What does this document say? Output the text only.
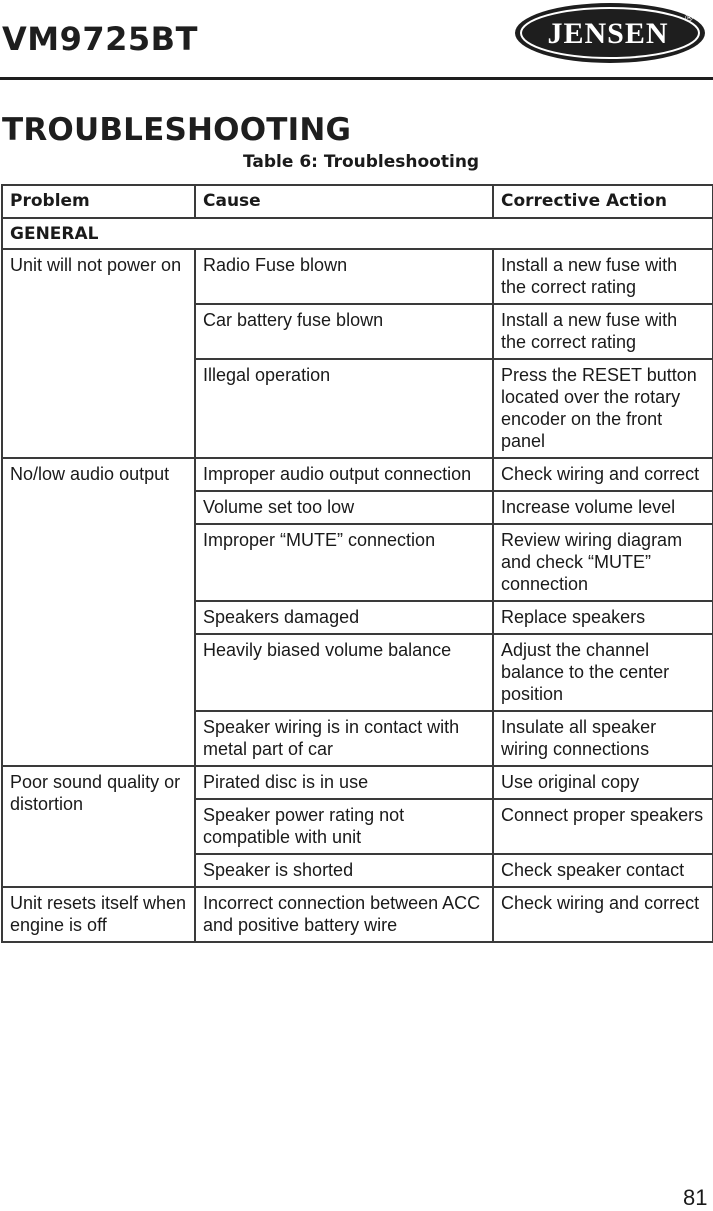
VM9725BT	JENSEN ®
TROUBLESHOOTING
Table 6: Troubleshooting
Problem	Cause	Corrective Action
GENERAL		
Unit will not power on	Radio Fuse blown	Install a new fuse with the correct rating
	Car battery fuse blown	Install a new fuse with the correct rating
	Illegal operation	Press the RESET button located over the rotary encoder on the front panel
No/low audio output	Improper audio output connection	Check wiring and correct
	Volume set too low	Increase volume level
	Improper “MUTE” connection	Review wiring diagram and check “MUTE” connection
	Speakers damaged	Replace speakers
	Heavily biased volume balance	Adjust the channel balance to the center position
	Speaker wiring is in contact with metal part of car	Insulate all speaker wiring connections
Poor sound quality or distortion	Pirated disc is in use	Use original copy
	Speaker power rating not compatible with unit	Connect proper speakers
	Speaker is shorted	Check speaker contact
Unit resets itself when engine is off	Incorrect connection between ACC and positive battery wire	Check wiring and correct
81
